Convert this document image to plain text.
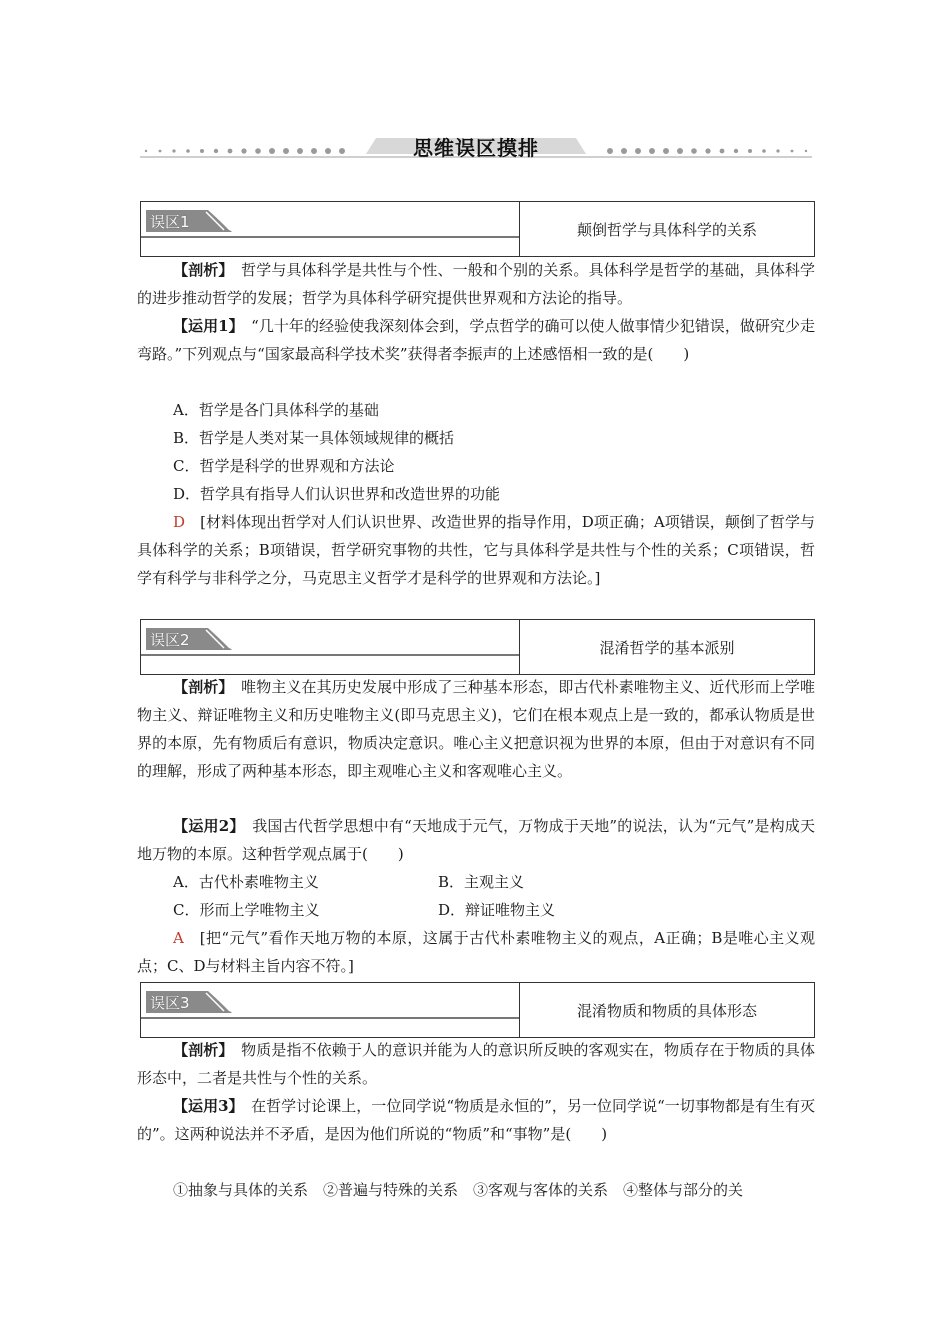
思维误区摸排
误区1	颠倒哲学与具体科学的关系

【剖析】　 哲学与具体科学是共性与个性、一般和个别的关系。具体科学是哲学的基础，具体科学的进步推动哲学的发展；哲学为具体科学研究提供世界观和方法论的指导。

【运用1】　 “几十年的经验使我深刻体会到，学点哲学的确可以使人做事情少犯错误，做研究少走弯路。”下列观点与“国家最高科学技术奖”获得者李振声的上述感悟相一致的是(　　)

A．哲学是各门具体科学的基础
B．哲学是人类对某一具体领域规律的概括
C．哲学是科学的世界观和方法论
D．哲学具有指导人们认识世界和改造世界的功能

D　 [材料体现出哲学对人们认识世界、改造世界的指导作用，D项正确；A项错误，颠倒了哲学与具体科学的关系；B项错误，哲学研究事物的共性，它与具体科学是共性与个性的关系；C项错误，哲学有科学与非科学之分，马克思主义哲学才是科学的世界观和方法论。]

误区2	混淆哲学的基本派别

【剖析】　 唯物主义在其历史发展中形成了三种基本形态，即古代朴素唯物主义、近代形而上学唯物主义、辩证唯物主义和历史唯物主义(即马克思主义)，它们在根本观点上是一致的，都承认物质是世界的本原，先有物质后有意识，物质决定意识。唯心主义把意识视为世界的本原，但由于对意识有不同的理解，形成了两种基本形态，即主观唯心主义和客观唯心主义。

【运用2】　 我国古代哲学思想中有“天地成于元气，万物成于天地”的说法，认为“元气”是构成天地万物的本原。这种哲学观点属于(　　)

A．古代朴素唯物主义	B．主观主义
C．形而上学唯物主义	D．辩证唯物主义

A　 [把“元气”看作天地万物的本原，这属于古代朴素唯物主义的观点，A正确；B是唯心主义观点；C、D与材料主旨内容不符。]

误区3	混淆物质和物质的具体形态

【剖析】　 物质是指不依赖于人的意识并能为人的意识所反映的客观实在，物质存在于物质的具体形态中，二者是共性与个性的关系。

【运用3】　 在哲学讨论课上，一位同学说“物质是永恒的”，另一位同学说“一切事物都是有生有灭的”。这两种说法并不矛盾，是因为他们所说的“物质”和“事物”是(　　)

①抽象与具体的关系　②普遍与特殊的关系　③客观与客体的关系　④整体与部分的关
